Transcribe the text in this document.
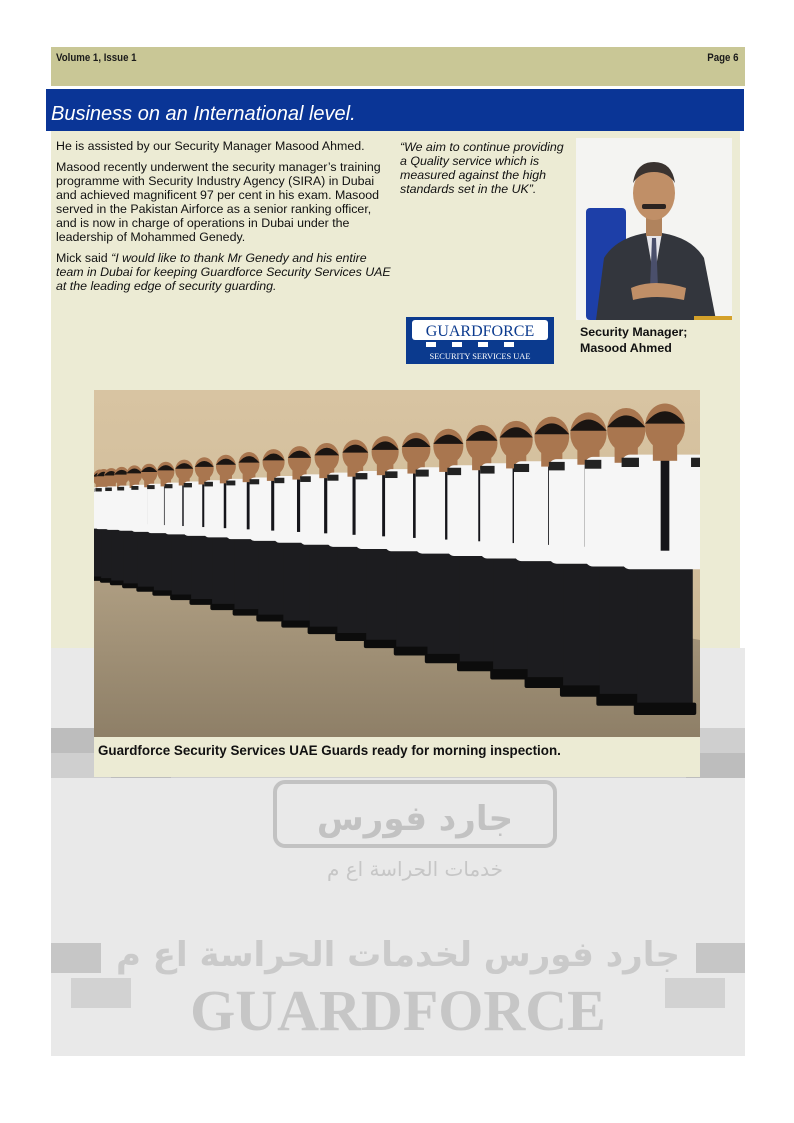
Volume 1, Issue 1	Page 6
Business on an International level.

He is assisted by our Security Manager Masood Ahmed.

Masood recently underwent the security manager’s training programme with Security Industry Agency (SIRA) in Dubai and achieved magnificent 97 per cent in his exam. Masood served in the Pakistan Airforce as a senior ranking officer, and is now in charge of operations in Dubai under the leadership of Mohammed Genedy.

Mick said “I would like to thank Mr Genedy and his entire team in Dubai for keeping Guardforce Security Services UAE at the leading edge of security guarding.

“We aim to continue providing a Quality service which is measured against the high standards set in the UK”.
GUARDFORCE
SECURITY SERVICES UAE
Security Manager;
Masood Ahmed
جارد فورس
خدمات الحراسة اع م
جارد فورس لخدمات الحراسة اع م
GUARDFORCE
Guardforce Security Services UAE Guards ready for morning inspection.
